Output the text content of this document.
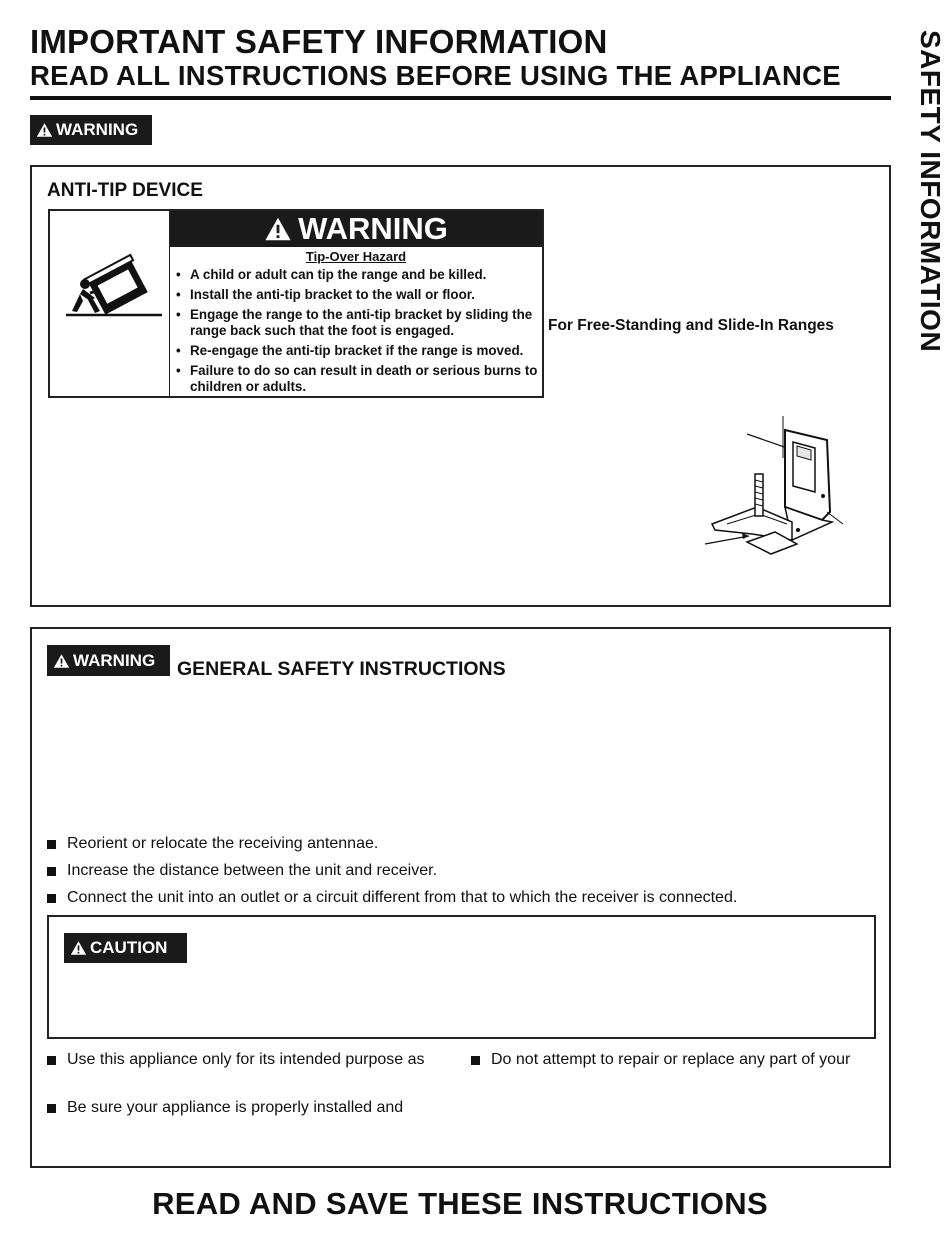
IMPORTANT SAFETY INFORMATION
READ ALL INSTRUCTIONS BEFORE USING THE APPLIANCE	SAFETY INFORMATION
WARNING
ANTI-TIP DEVICE
WARNING
Tip-Over Hazard
• A child or adult can tip the range and be killed.
• Install the anti-tip bracket to the wall or floor.
• Engage the range to the anti-tip bracket by sliding the range back such that the foot is engaged.
• Re-engage the anti-tip bracket if the range is moved.
• Failure to do so can result in death or serious burns to children or adults.
For Free-Standing and Slide-In Ranges
WARNING GENERAL SAFETY INSTRUCTIONS
Reorient or relocate the receiving antennae.
Increase the distance between the unit and receiver.
Connect the unit into an outlet or a circuit different from that to which the receiver is connected.
CAUTION
Use this appliance only for its intended purpose as	Do not attempt to repair or replace any part of your
Be sure your appliance is properly installed and
READ AND SAVE THESE INSTRUCTIONS
